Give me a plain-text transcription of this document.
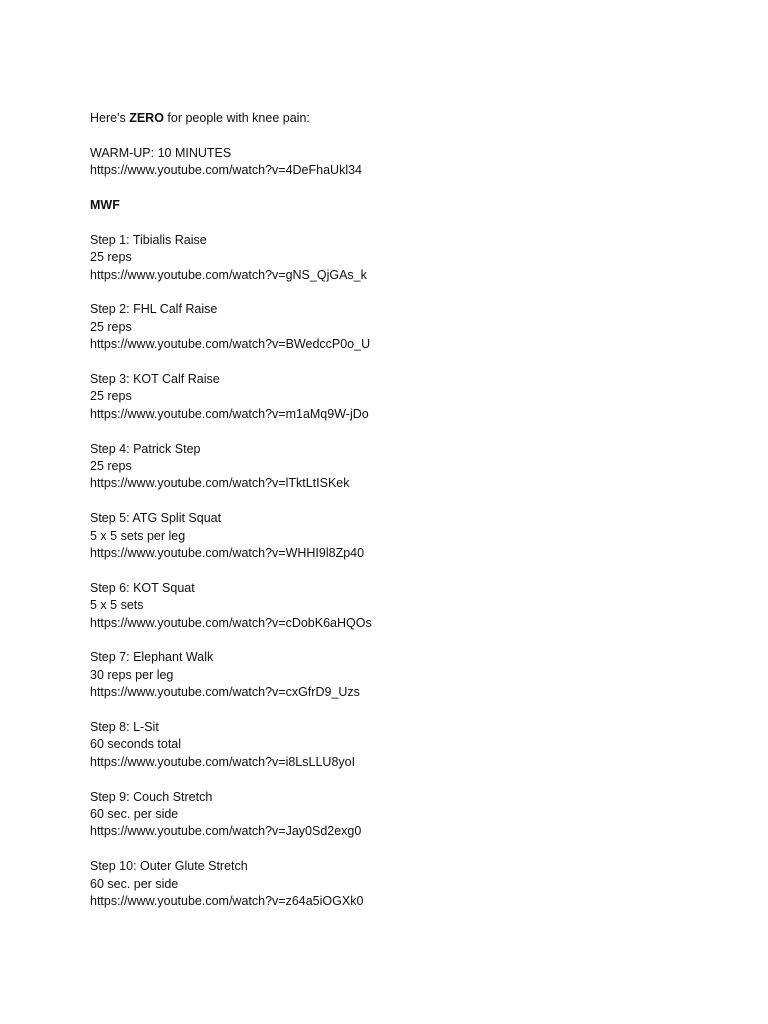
Here's ZERO for people with knee pain:
WARM-UP: 10 MINUTES
https://www.youtube.com/watch?v=4DeFhaUkl34
MWF
Step 1: Tibialis Raise
25 reps
https://www.youtube.com/watch?v=gNS_QjGAs_k
Step 2: FHL Calf Raise
25 reps
https://www.youtube.com/watch?v=BWedccP0o_U
Step 3: KOT Calf Raise
25 reps
https://www.youtube.com/watch?v=m1aMq9W-jDo
Step 4: Patrick Step
25 reps
https://www.youtube.com/watch?v=lTktLtISKek
Step 5: ATG Split Squat
5 x 5 sets per leg
https://www.youtube.com/watch?v=WHHI9l8Zp40
Step 6: KOT Squat
5 x 5 sets
https://www.youtube.com/watch?v=cDobK6aHQOs
Step 7: Elephant Walk
30 reps per leg
https://www.youtube.com/watch?v=cxGfrD9_Uzs
Step 8: L-Sit
60 seconds total
https://www.youtube.com/watch?v=i8LsLLU8yoI
Step 9: Couch Stretch
60 sec. per side
https://www.youtube.com/watch?v=Jay0Sd2exg0
Step 10: Outer Glute Stretch
60 sec. per side
https://www.youtube.com/watch?v=z64a5iOGXk0
